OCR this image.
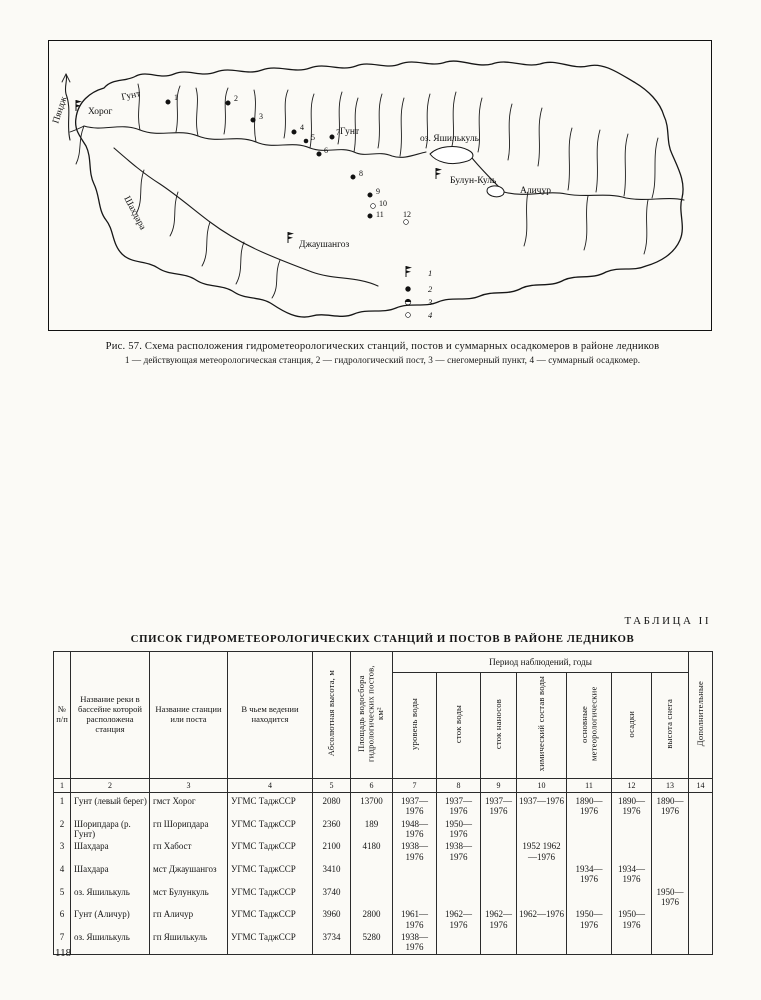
1	2
3
4
5
6
7
8
9
10
11 12
Пяндж Хорог
Гунт
Гунт
оз. Яшилькуль
Булун-Куль
Аличур
Шахдара
Джаушангоз
1
2
3
4
Рис. 57. Схема расположения гидрометеорологических станций, постов и суммарных осадкомеров в районе ледников
1 — действующая метеорологическая станция, 2 — гидрологический пост, 3 — снегомерный пункт, 4 — суммарный осадкомер.
ТАБЛИЦА II
СПИСОК ГИДРОМЕТЕОРОЛОГИЧЕСКИХ СТАНЦИЙ И ПОСТОВ В РАЙОНЕ ЛЕДНИКОВ
№ п/п	Название реки в бассейне которой расположена станция	Название станции или поста	В чьем ведении находится	Абсолютная высота, м	Площадь водосбора гидрологических постов, км²	Период наблюдений, годы							Дополнительные
						уровень воды	сток воды	сток наносов	химический состав воды	основные метеорологические	осадки	высота снега	
1	2	3	4	5	6	7	8	9	10	11	12	13	14
1	Гунт (левый берег)	гмст Хорог	УГМС ТаджССР	2080	13700	1937—1976	1937—1976	1937—1976	1937—1976	1890—1976	1890—1976	1890—1976	
2	Шорипдара (р. Гунт)	гп Шорипдара	УГМС ТаджССР	2360	189	1948—1976	1950—1976						
3	Шахдара	гп Хабост	УГМС ТаджССР	2100	4180	1938—1976	1938—1976		1952 1962—1976				
4	Шахдара	мст Джаушангоз	УГМС ТаджССР	3410						1934—1976	1934—1976		
5	оз. Яшилькуль	мст Булункуль	УГМС ТаджССР	3740								1950—1976	
6	Гунт (Аличур)	гп Аличур	УГМС ТаджССР	3960	2800	1961—1976	1962—1976	1962—1976	1962—1976	1950—1976	1950—1976		
7	оз. Яшилькуль	гп Яшилькуль	УГМС ТаджССР	3734	5280	1938—1976							
118
